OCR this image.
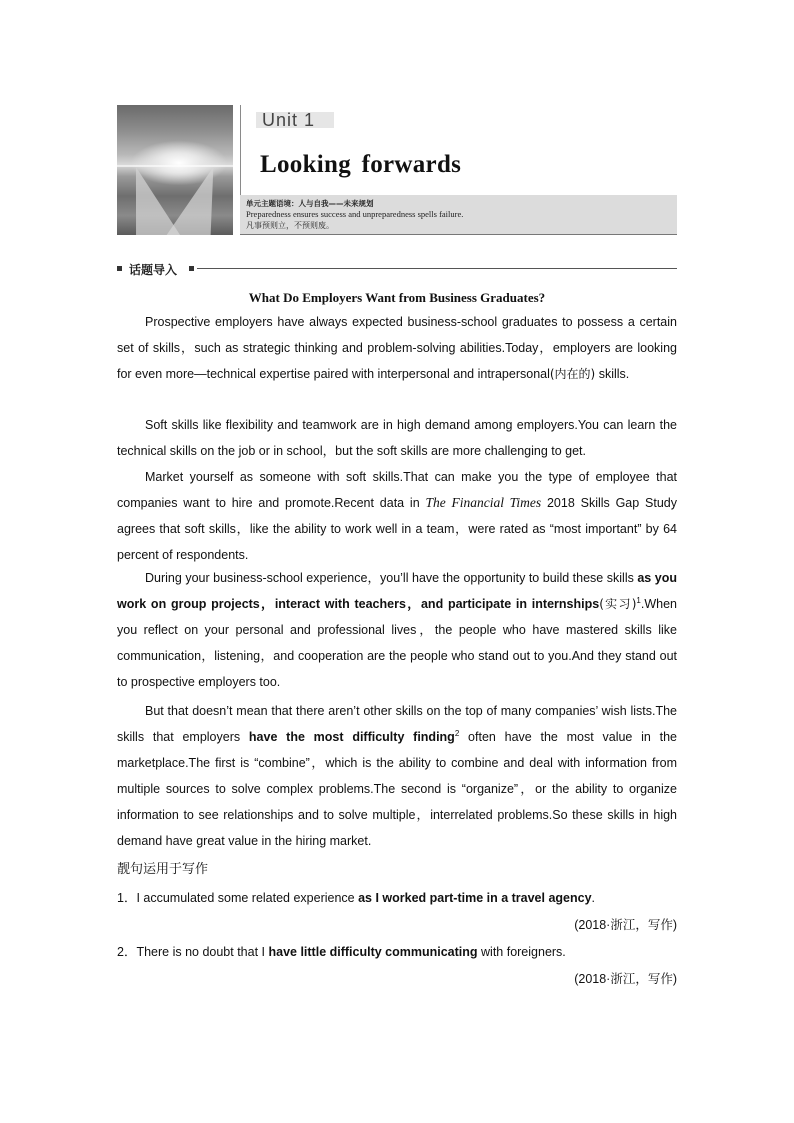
Unit 1
Looking forwards
单元主题语境：人与自我——未来规划
Preparedness ensures success and unpreparedness spells failure.
凡事预则立，不预则废。
话题导入
What Do Employers Want from Business Graduates?

Prospective employers have always expected business-school graduates to possess a certain set of skills，such as strategic thinking and problem-solving abilities.Today，employers are looking for even more—technical expertise paired with interpersonal and intrapersonal(内在的) skills.

Soft skills like flexibility and teamwork are in high demand among employers.You can learn the technical skills on the job or in school，but the soft skills are more challenging to get.

Market yourself as someone with soft skills.That can make you the type of employee that companies want to hire and promote.Recent data in The Financial Times 2018 Skills Gap Study agrees that soft skills，like the ability to work well in a team，were rated as “most important” by 64 percent of respondents.

During your business-school experience，you’ll have the opportunity to build these skills as you work on group projects，interact with teachers，and participate in internships(实习)$^1$.When you reflect on your personal and professional lives，the people who have mastered skills like communication，listening，and cooperation are the people who stand out to you.And they stand out to prospective employers too.

But that doesn’t mean that there aren’t other skills on the top of many companies’ wish lists.The skills that employers have the most difficulty finding$^2$ often have the most value in the marketplace.The first is “combine”，which is the ability to combine and deal with information from multiple sources to solve complex problems.The second is “organize”，or the ability to organize information to see relationships and to solve multiple，interrelated problems.So these skills in high demand have great value in the hiring market.

靓句运用于写作
1．I accumulated some related experience as I worked part-time in a travel agency.
(2018·浙江，写作)
2．There is no doubt that I have little difficulty communicating with foreigners.
(2018·浙江，写作)
